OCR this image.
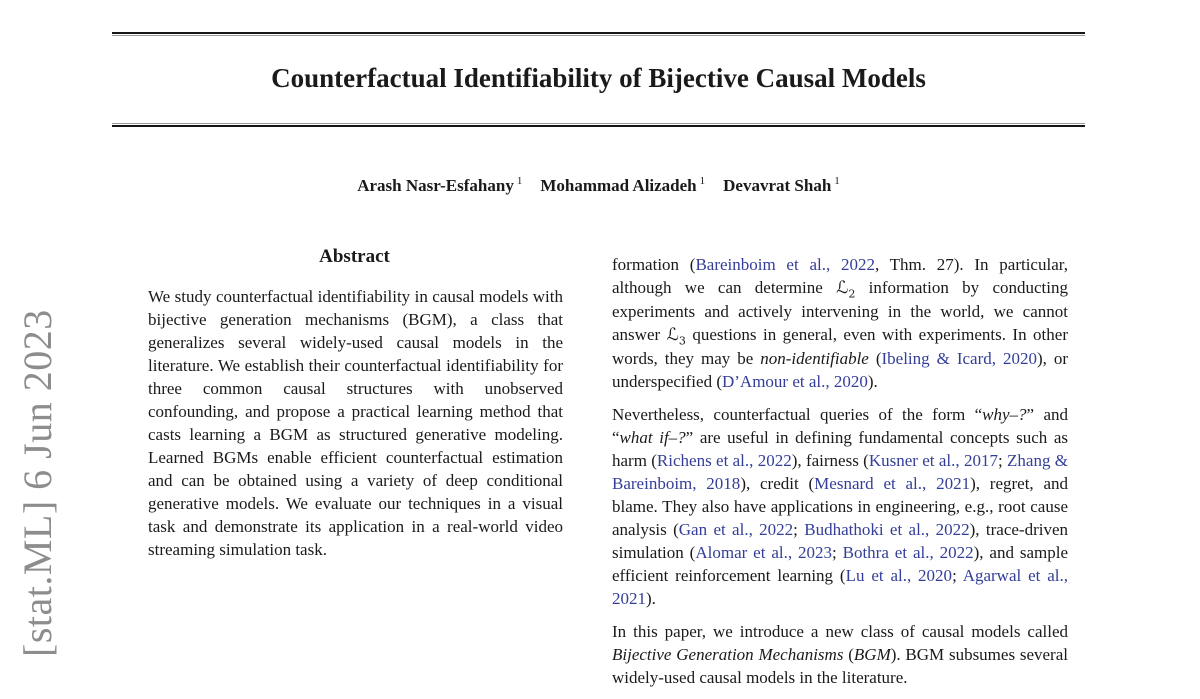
[stat.ML] 6 Jun 2023
Counterfactual Identifiability of Bijective Causal Models
Arash Nasr-Esfahany $^1$ Mohammad Alizadeh $^1$ Devavrat Shah $^1$
Abstract

We study counterfactual identifiability in causal models with bijective generation mechanisms (BGM), a class that generalizes several widely-used causal models in the literature. We establish their counterfactual identifiability for three common causal structures with unobserved confounding, and propose a practical learning method that casts learning a BGM as structured generative modeling. Learned BGMs enable efficient counterfactual estimation and can be obtained using a variety of deep conditional generative models. We evaluate our techniques in a visual task and demonstrate its application in a real-world video streaming simulation task.

formation (Bareinboim et al., 2022, Thm. 27). In particular, although we can determine ℒ$_2$ information by conducting experiments and actively intervening in the world, we cannot answer ℒ$_3$ questions in general, even with experiments. In other words, they may be non-identifiable (Ibeling & Icard, 2020), or underspecified (D’Amour et al., 2020).

Nevertheless, counterfactual queries of the form “why–?” and “what if–?” are useful in defining fundamental concepts such as harm (Richens et al., 2022), fairness (Kusner et al., 2017; Zhang & Bareinboim, 2018), credit (Mesnard et al., 2021), regret, and blame. They also have applications in engineering, e.g., root cause analysis (Gan et al., 2022; Budhathoki et al., 2022), trace-driven simulation (Alomar et al., 2023; Bothra et al., 2022), and sample efficient reinforcement learning (Lu et al., 2020; Agarwal et al., 2021).

In this paper, we introduce a new class of causal models called Bijective Generation Mechanisms (BGM). BGM subsumes several widely-used causal models in the literature.
